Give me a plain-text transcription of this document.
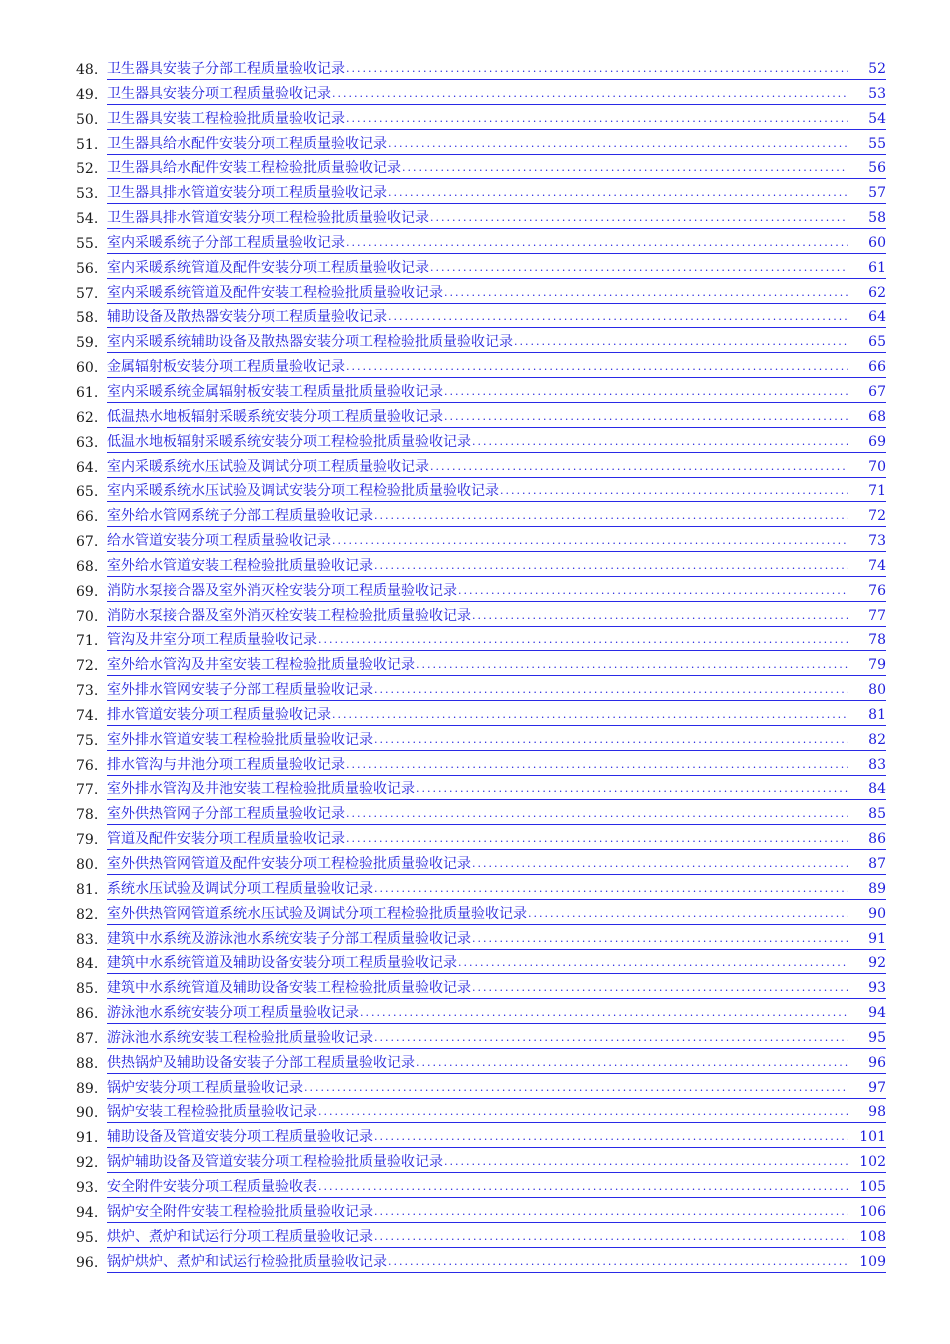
48. 卫生器具安装子分部工程质量验收记录 .....	52
49. 卫生器具安装分项工程质量验收记录 .....	53
50. 卫生器具安装工程检验批质量验收记录 .....	54
51. 卫生器具给水配件安装分项工程质量验收记录 .....	55
52. 卫生器具给水配件安装工程检验批质量验收记录 .....	56
53. 卫生器具排水管道安装分项工程质量验收记录 .....	57
54. 卫生器具排水管道安装分项工程检验批质量验收记录 .....	58
55. 室内采暖系统子分部工程质量验收记录 .....	60
56. 室内采暖系统管道及配件安装分项工程质量验收记录 .....	61
57. 室内采暖系统管道及配件安装工程检验批质量验收记录 .....	62
58. 辅助设备及散热器安装分项工程质量验收记录 .....	64
59. 室内采暖系统辅助设备及散热器安装分项工程检验批质量验收记录 .....	65
60. 金属辐射板安装分项工程质量验收记录 .....	66
61. 室内采暖系统金属辐射板安装工程质量批质量验收记录 .....	67
62. 低温热水地板辐射采暖系统安装分项工程质量验收记录 .....	68
63. 低温水地板辐射采暖系统安装分项工程检验批质量验收记录 .....	69
64. 室内采暖系统水压试验及调试分项工程质量验收记录 .....	70
65. 室内采暖系统水压试验及调试安装分项工程检验批质量验收记录 .....	71
66. 室外给水管网系统子分部工程质量验收记录 .....	72
67. 给水管道安装分项工程质量验收记录 .....	73
68. 室外给水管道安装工程检验批质量验收记录 .....	74
69. 消防水泵接合器及室外消灭栓安装分项工程质量验收记录 .....	76
70. 消防水泵接合器及室外消灭栓安装工程检验批质量验收记录 .....	77
71. 管沟及井室分项工程质量验收记录 .....	78
72. 室外给水管沟及井室安装工程检验批质量验收记录 .....	79
73. 室外排水管网安装子分部工程质量验收记录 .....	80
74. 排水管道安装分项工程质量验收记录 .....	81
75. 室外排水管道安装工程检验批质量验收记录 .....	82
76. 排水管沟与井池分项工程质量验收记录 .....	83
77. 室外排水管沟及井池安装工程检验批质量验收记录 .....	84
78. 室外供热管网子分部工程质量验收记录 .....	85
79. 管道及配件安装分项工程质量验收记录 .....	86
80. 室外供热管网管道及配件安装分项工程检验批质量验收记录 .....	87
81. 系统水压试验及调试分项工程质量验收记录 .....	89
82. 室外供热管网管道系统水压试验及调试分项工程检验批质量验收记录 .....	90
83. 建筑中水系统及游泳池水系统安装子分部工程质量验收记录 .....	91
84. 建筑中水系统管道及辅助设备安装分项工程质量验收记录 .....	92
85. 建筑中水系统管道及辅助设备安装工程检验批质量验收记录 .....	93
86. 游泳池水系统安装分项工程质量验收记录 .....	94
87. 游泳池水系统安装工程检验批质量验收记录 .....	95
88. 供热锅炉及辅助设备安装子分部工程质量验收记录 .....	96
89. 锅炉安装分项工程质量验收记录 .....	97
90. 锅炉安装工程检验批质量验收记录 .....	98
91. 辅助设备及管道安装分项工程质量验收记录 .....	101
92. 锅炉辅助设备及管道安装分项工程检验批质量验收记录 .....	102
93. 安全附件安装分项工程质量验收表 .....	105
94. 锅炉安全附件安装工程检验批质量验收记录 .....	106
95. 烘炉、煮炉和试运行分项工程质量验收记录 .....	108
96. 锅炉烘炉、煮炉和试运行检验批质量验收记录 .....	109
